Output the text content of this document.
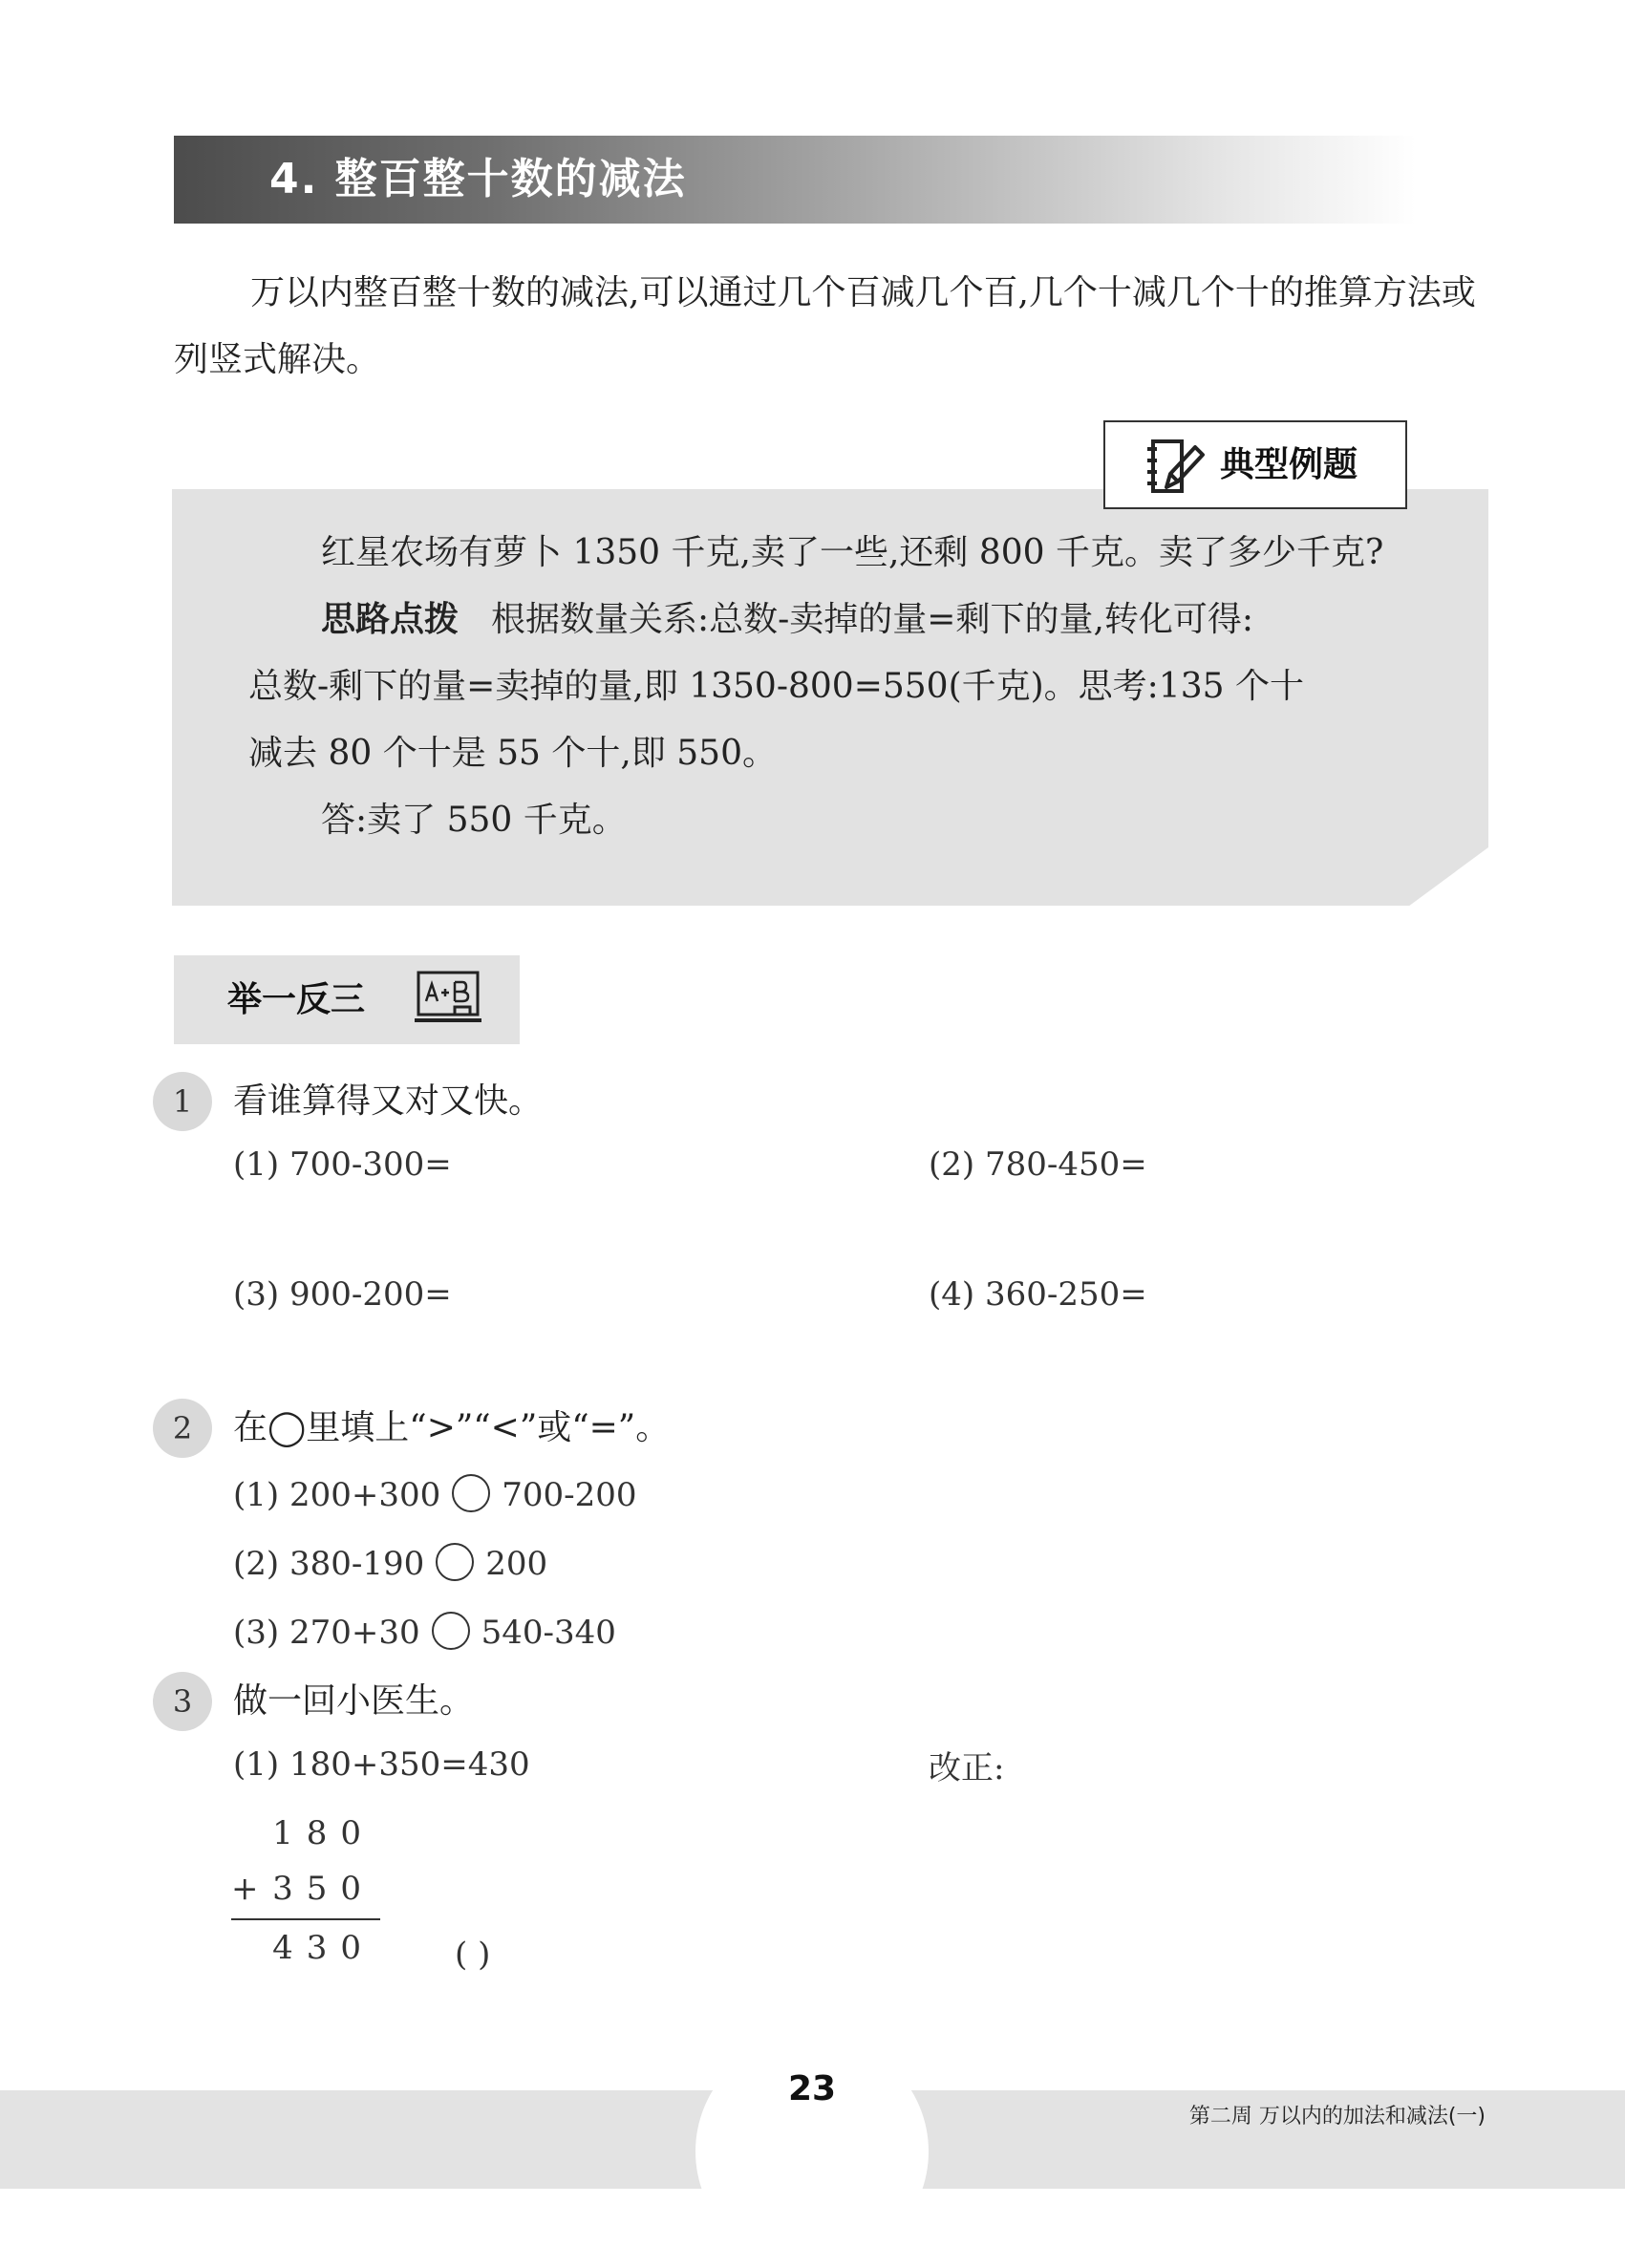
4. 整百整十数的减法
万以内整百整十数的减法,可以通过几个百减几个百,几个十减几个十的推算方法或列竖式解决。
典型例题
红星农场有萝卜 1350 千克,卖了一些,还剩 800 千克。卖了多少千克?
思路点拨 根据数量关系:总数-卖掉的量=剩下的量,转化可得:
总数-剩下的量=卖掉的量,即 1350-800=550(千克)。思考:135 个十
减去 80 个十是 55 个十,即 550。
答:卖了 550 千克。
举一反三
1	看谁算得又对又快。
(1) 700-300=	(2) 780-450=
(3) 900-200=	(4) 360-250=
2	在◯里填上“>”“<”或“=”。
(1) 200+300 700-200
(2) 380-190 200
(3) 270+30 540-340
3	做一回小医生。
(1) 180+350=430	改正:
180
+ 350
430 ( )
23
第二周 万以内的加法和减法(一)
